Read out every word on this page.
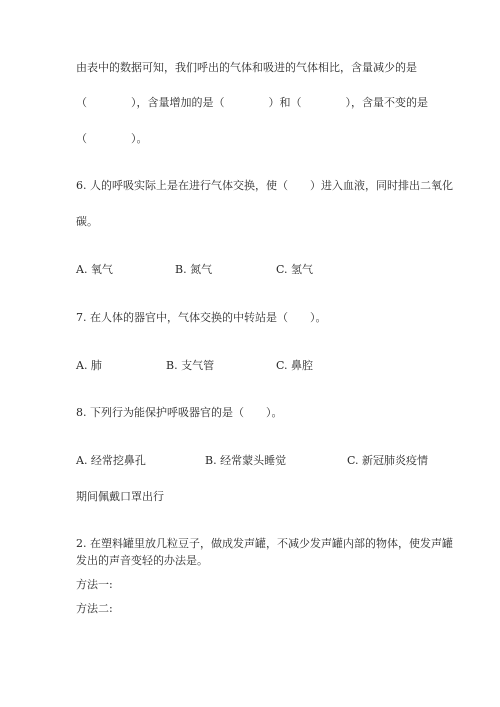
由表中的数据可知，我们呼出的气体和吸进的气体相比，含量减少的是
（　　　　），含量增加的是（　　　　）和（　　　　），含量不变的是
（　　　　）。
6. 人的呼吸实际上是在进行气体交换，使（　　）进入血液，同时排出二氧化
碳。
A. 氧气	B. 氮气	C. 氢气
7. 在人体的器官中，气体交换的中转站是（　　）。
A. 肺	B. 支气管	C. 鼻腔
8. 下列行为能保护呼吸器官的是（　　）。
A. 经常挖鼻孔	B. 经常蒙头睡觉	C. 新冠肺炎疫情
期间佩戴口罩出行
2. 在塑料罐里放几粒豆子，做成发声罐，不减少发声罐内部的物体，使发声罐
发出的声音变轻的办法是。
方法一:
方法二:
